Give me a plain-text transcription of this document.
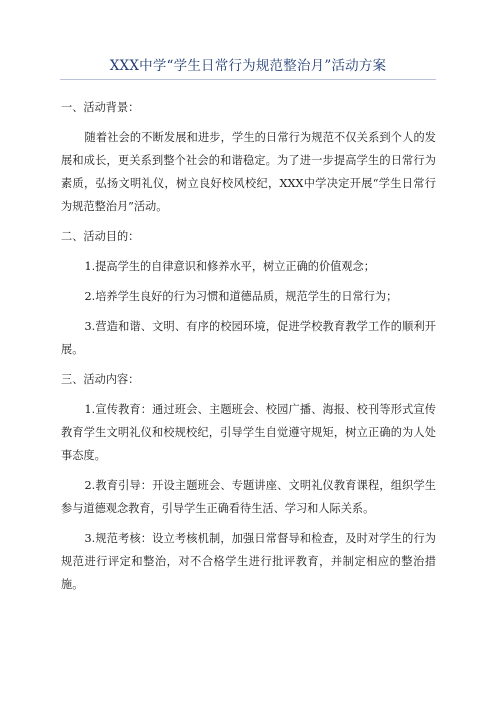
XXX中学“学生日常行为规范整治月”活动方案
一、活动背景：
随着社会的不断发展和进步，学生的日常行为规范不仅关系到个人的发展和成长，更关系到整个社会的和谐稳定。为了进一步提高学生的日常行为素质，弘扬文明礼仪，树立良好校风校纪，XXX中学决定开展“学生日常行为规范整治月”活动。
二、活动目的：
1.提高学生的自律意识和修养水平，树立正确的价值观念；
2.培养学生良好的行为习惯和道德品质，规范学生的日常行为；
3.营造和谐、文明、有序的校园环境，促进学校教育教学工作的顺利开展。
三、活动内容：
1.宣传教育：通过班会、主题班会、校园广播、海报、校刊等形式宣传教育学生文明礼仪和校规校纪，引导学生自觉遵守规矩，树立正确的为人处事态度。
2.教育引导：开设主题班会、专题讲座、文明礼仪教育课程，组织学生参与道德观念教育，引导学生正确看待生活、学习和人际关系。
3.规范考核：设立考核机制，加强日常督导和检查，及时对学生的行为规范进行评定和整治，对不合格学生进行批评教育，并制定相应的整治措施。
